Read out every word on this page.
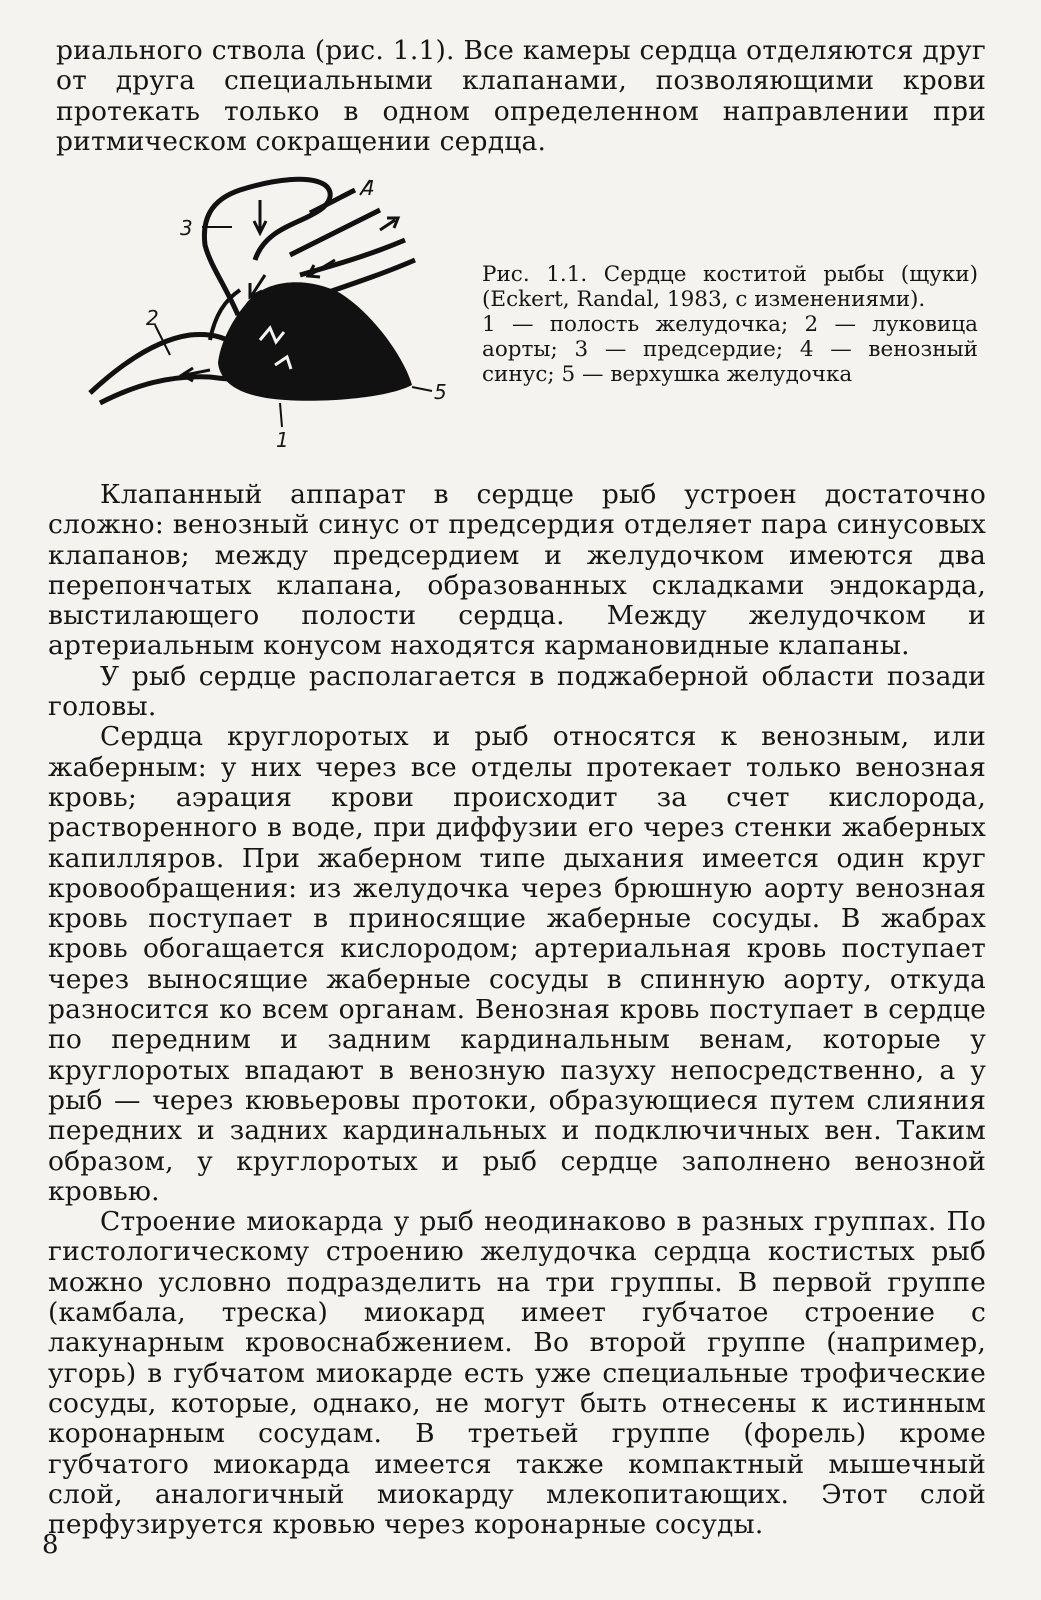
риального ствола (рис. 1.1). Все камеры сердца отделяются друг от друга специальными клапанами, позволяющими крови протекать только в одном определенном направлении при ритмическом сокращении сердца.

3
4
2
5
1
Рис. 1.1. Сердце коститой рыбы (щуки) (Eckert, Randal, 1983, с изменениями).
1 — полость желудочка; 2 — луковица аорты; 3 — предсердие; 4 — венозный синус; 5 — верхушка желудочка

Клапанный аппарат в сердце рыб устроен достаточно сложно: венозный синус от предсердия отделяет пара синусовых клапанов; между предсердием и желудочком имеются два перепончатых клапана, образованных складками эндокарда, выстилающего полости сердца. Между желудочком и артериальным конусом находятся кармановидные клапаны.

У рыб сердце располагается в поджаберной области позади головы.

Сердца круглоротых и рыб относятся к венозным, или жаберным: у них через все отделы протекает только венозная кровь; аэрация крови происходит за счет кислорода, растворенного в воде, при диффузии его через стенки жаберных капилляров. При жаберном типе дыхания имеется один круг кровообращения: из желудочка через брюшную аорту венозная кровь поступает в приносящие жаберные сосуды. В жабрах кровь обогащается кислородом; артериальная кровь поступает через выносящие жаберные сосуды в спинную аорту, откуда разносится ко всем органам. Венозная кровь поступает в сердце по передним и задним кардинальным венам, которые у круглоротых впадают в венозную пазуху непосредственно, а у рыб — через кювьеровы протоки, образующиеся путем слияния передних и задних кардинальных и подключичных вен. Таким образом, у круглоротых и рыб сердце заполнено венозной кровью.

Строение миокарда у рыб неодинаково в разных группах. По гистологическому строению желудочка сердца костистых рыб можно условно подразделить на три группы. В первой группе (камбала, треска) миокард имеет губчатое строение с лакунарным кровоснабжением. Во второй группе (например, угорь) в губчатом миокарде есть уже специальные трофические сосуды, которые, однако, не могут быть отнесены к истинным коронарным сосудам. В третьей группе (форель) кроме губчатого миокарда имеется также компактный мышечный слой, аналогичный миокарду млекопитающих. Этот слой перфузируется кровью через коронарные сосуды.

8
